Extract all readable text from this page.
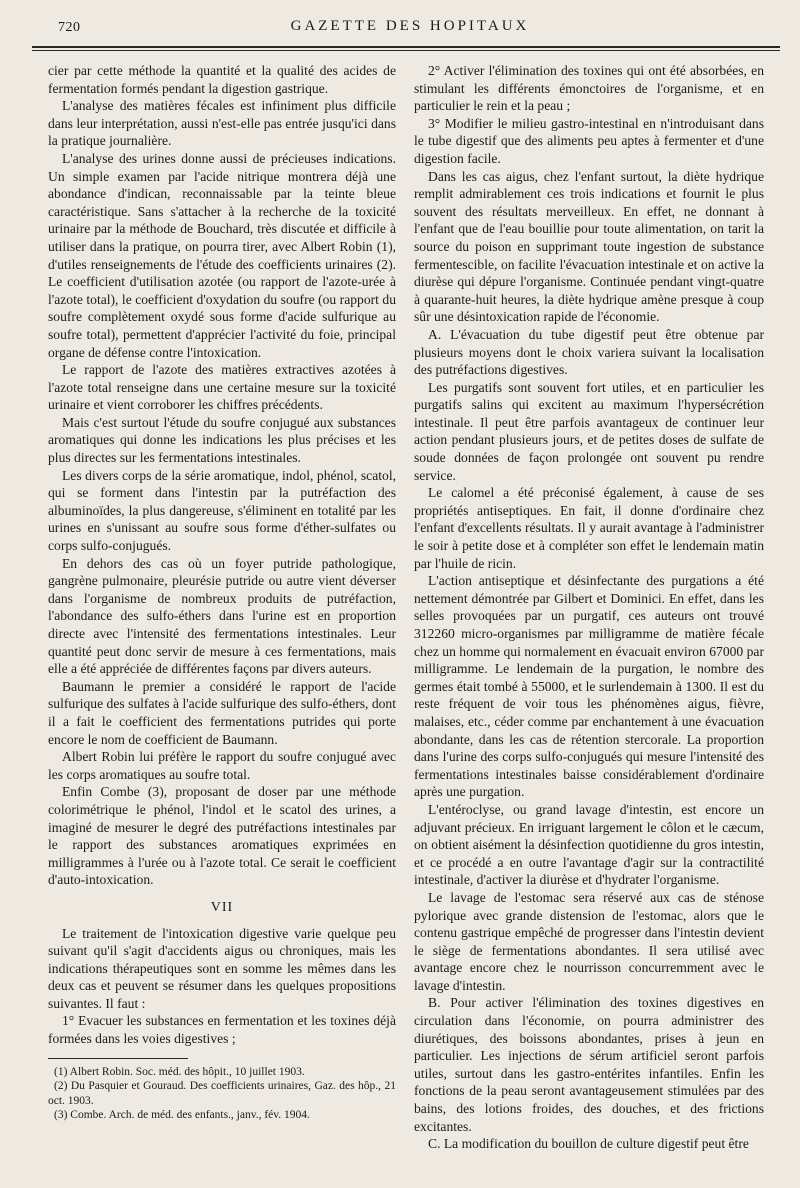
720	GAZETTE DES HOPITAUX

cier par cette méthode la quantité et la qualité des acides de fermentation formés pendant la digestion gastrique.

L'analyse des matières fécales est infiniment plus difficile dans leur interprétation, aussi n'est-elle pas entrée jusqu'ici dans la pratique journalière.

L'analyse des urines donne aussi de précieuses indications. Un simple examen par l'acide nitrique montrera déjà une abondance d'indican, reconnaissable par la teinte bleue caractéristique. Sans s'attacher à la recherche de la toxicité urinaire par la méthode de Bouchard, très discutée et difficile à utiliser dans la pratique, on pourra tirer, avec Albert Robin (1), d'utiles renseignements de l'étude des coefficients urinaires (2). Le coefficient d'utilisation azotée (ou rapport de l'azote-urée à l'azote total), le coefficient d'oxydation du soufre (ou rapport du soufre complètement oxydé sous forme d'acide sulfurique au soufre total), permettent d'apprécier l'activité du foie, principal organe de défense contre l'intoxication.

Le rapport de l'azote des matières extractives azotées à l'azote total renseigne dans une certaine mesure sur la toxicité urinaire et vient corroborer les chiffres précédents.

Mais c'est surtout l'étude du soufre conjugué aux substances aromatiques qui donne les indications les plus précises et les plus directes sur les fermentations intestinales.

Les divers corps de la série aromatique, indol, phénol, scatol, qui se forment dans l'intestin par la putréfaction des albuminoïdes, la plus dangereuse, s'éliminent en totalité par les urines en s'unissant au soufre sous forme d'éther-sulfates ou corps sulfo-conjugués.

En dehors des cas où un foyer putride pathologique, gangrène pulmonaire, pleurésie putride ou autre vient déverser dans l'organisme de nombreux produits de putréfaction, l'abondance des sulfo-éthers dans l'urine est en proportion directe avec l'intensité des fermentations intestinales. Leur quantité peut donc servir de mesure à ces fermentations, mais elle a été appréciée de différentes façons par divers auteurs.

Baumann le premier a considéré le rapport de l'acide sulfurique des sulfates à l'acide sulfurique des sulfo-éthers, dont il a fait le coefficient des fermentations putrides qui porte encore le nom de coefficient de Baumann.

Albert Robin lui préfère le rapport du soufre conjugué avec les corps aromatiques au soufre total.

Enfin Combe (3), proposant de doser par une méthode colorimétrique le phénol, l'indol et le scatol des urines, a imaginé de mesurer le degré des putréfactions intestinales par le rapport des substances aromatiques exprimées en milligrammes à l'urée ou à l'azote total. Ce serait le coefficient d'auto-intoxication.

VII

Le traitement de l'intoxication digestive varie quelque peu suivant qu'il s'agit d'accidents aigus ou chroniques, mais les indications thérapeutiques sont en somme les mêmes dans les deux cas et peuvent se résumer dans les quelques propositions suivantes. Il faut :

1° Evacuer les substances en fermentation et les toxines déjà formées dans les voies digestives ;

(1) Albert Robin. Soc. méd. des hôpit., 10 juillet 1903.
(2) Du Pasquier et Gouraud. Des coefficients urinaires, Gaz. des hôp., 21 oct. 1903.
(3) Combe. Arch. de méd. des enfants., janv., fév. 1904.

2° Activer l'élimination des toxines qui ont été absorbées, en stimulant les différents émonctoires de l'organisme, et en particulier le rein et la peau ;

3° Modifier le milieu gastro-intestinal en n'introduisant dans le tube digestif que des aliments peu aptes à fermenter et d'une digestion facile.

Dans les cas aigus, chez l'enfant surtout, la diète hydrique remplit admirablement ces trois indications et fournit le plus souvent des résultats merveilleux. En effet, ne donnant à l'enfant que de l'eau bouillie pour toute alimentation, on tarit la source du poison en supprimant toute ingestion de substance fermentescible, on facilite l'évacuation intestinale et on active la diurèse qui dépure l'organisme. Continuée pendant vingt-quatre à quarante-huit heures, la diète hydrique amène presque à coup sûr une désintoxication rapide de l'économie.

A. L'évacuation du tube digestif peut être obtenue par plusieurs moyens dont le choix variera suivant la localisation des putréfactions digestives.

Les purgatifs sont souvent fort utiles, et en particulier les purgatifs salins qui excitent au maximum l'hypersécrétion intestinale. Il peut être parfois avantageux de continuer leur action pendant plusieurs jours, et de petites doses de sulfate de soude données de façon prolongée ont souvent pu rendre service.

Le calomel a été préconisé également, à cause de ses propriétés antiseptiques. En fait, il donne d'ordinaire chez l'enfant d'excellents résultats. Il y aurait avantage à l'administrer le soir à petite dose et à compléter son effet le lendemain matin par l'huile de ricin.

L'action antiseptique et désinfectante des purgations a été nettement démontrée par Gilbert et Dominici. En effet, dans les selles provoquées par un purgatif, ces auteurs ont trouvé 312260 micro-organismes par milligramme de matière fécale chez un homme qui normalement en évacuait environ 67000 par milligramme. Le lendemain de la purgation, le nombre des germes était tombé à 55000, et le surlendemain à 1300. Il est du reste fréquent de voir tous les phénomènes aigus, fièvre, malaises, etc., céder comme par enchantement à une évacuation abondante, dans les cas de rétention stercorale. La proportion dans l'urine des corps sulfo-conjugués qui mesure l'intensité des fermentations intestinales baisse considérablement d'ordinaire après une purgation.

L'entéroclyse, ou grand lavage d'intestin, est encore un adjuvant précieux. En irriguant largement le côlon et le cæcum, on obtient aisément la désinfection quotidienne du gros intestin, et ce procédé a en outre l'avantage d'agir sur la contractilité intestinale, d'activer la diurèse et d'hydrater l'organisme.

Le lavage de l'estomac sera réservé aux cas de sténose pylorique avec grande distension de l'estomac, alors que le contenu gastrique empêché de progresser dans l'intestin devient le siège de fermentations abondantes. Il sera utilisé avec avantage encore chez le nourrisson concurremment avec le lavage d'intestin.

B. Pour activer l'élimination des toxines digestives en circulation dans l'économie, on pourra administrer des diurétiques, des boissons abondantes, prises à jeun en particulier. Les injections de sérum artificiel seront parfois utiles, surtout dans les gastro-entérites infantiles. Enfin les fonctions de la peau seront avantageusement stimulées par des bains, des lotions froides, des douches, et des frictions excitantes.

C. La modification du bouillon de culture digestif peut être
